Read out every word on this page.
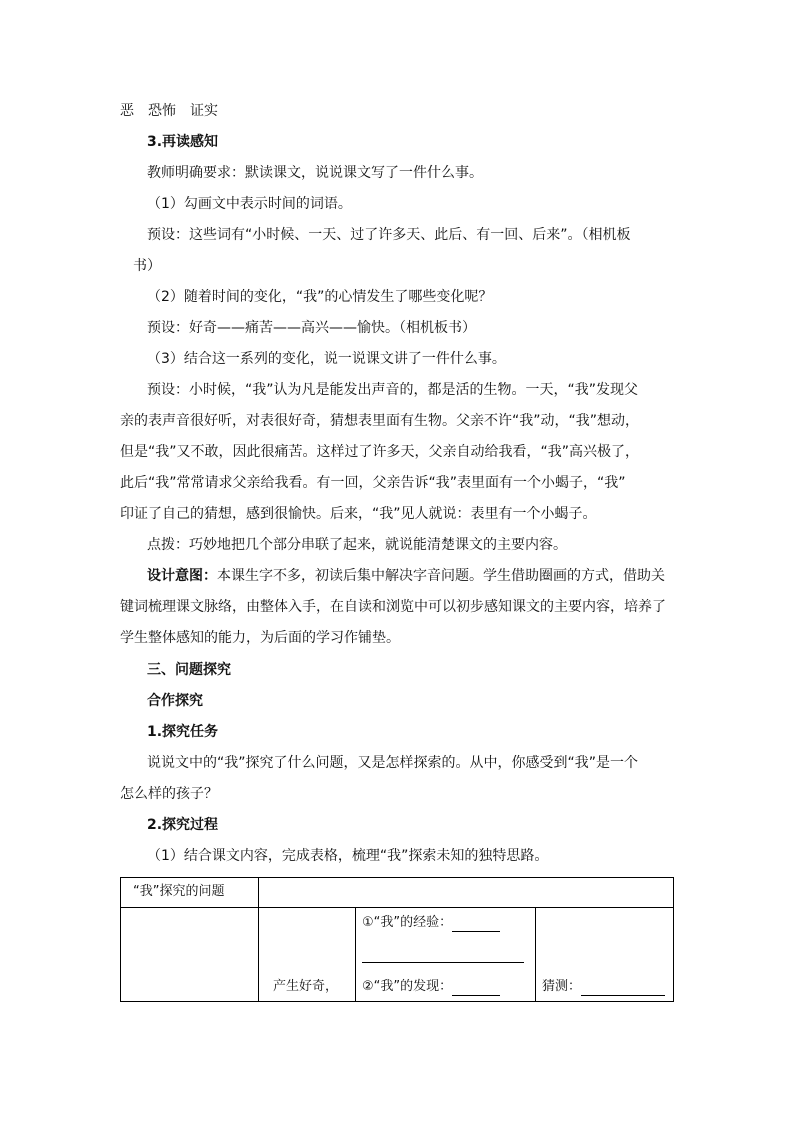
恶　恐怖　证实
3.再读感知
教师明确要求：默读课文，说说课文写了一件什么事。
（1）勾画文中表示时间的词语。
预设：这些词有“小时候、一天、过了许多天、此后、有一回、后来”。（相机板
书）
（2）随着时间的变化，“我”的心情发生了哪些变化呢？
预设：好奇——痛苦——高兴——愉快。（相机板书）
（3）结合这一系列的变化，说一说课文讲了一件什么事。
预设：小时候，“我”认为凡是能发出声音的，都是活的生物。一天，“我”发现父
亲的表声音很好听，对表很好奇，猜想表里面有生物。父亲不许“我”动，“我”想动，
但是“我”又不敢，因此很痛苦。这样过了许多天，父亲自动给我看，“我”高兴极了，
此后“我”常常请求父亲给我看。有一回，父亲告诉“我”表里面有一个小蝎子，“我”
印证了自己的猜想，感到很愉快。后来，“我”见人就说：表里有一个小蝎子。
点拨：巧妙地把几个部分串联了起来，就说能清楚课文的主要内容。
设计意图：本课生字不多，初读后集中解决字音问题。学生借助圈画的方式，借助关
键词梳理课文脉络，由整体入手，在自读和浏览中可以初步感知课文的主要内容，培养了
学生整体感知的能力，为后面的学习作铺垫。
三、问题探究
合作探究
1.探究任务
说说文中的“我”探究了什么问题，又是怎样探索的。从中，你感受到“我”是一个
怎么样的孩子？
2.探究过程
（1）结合课文内容，完成表格，梳理“我”探索未知的独特思路。
“我”探究的问题
产生好奇，
①“我”的经验：
②“我”的发现：	猜测：
